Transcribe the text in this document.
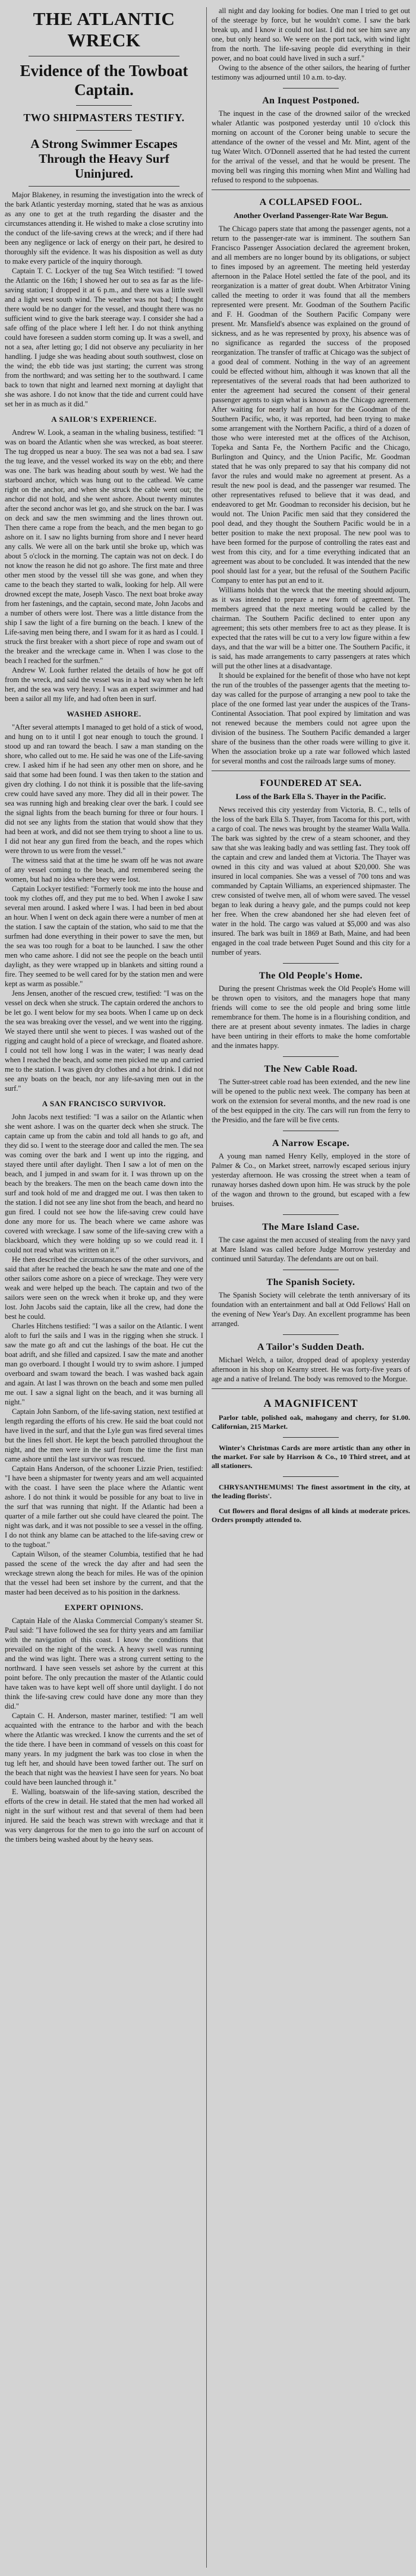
THE ATLANTIC WRECK
Evidence of the Towboat Captain.
TWO SHIPMASTERS TESTIFY.
A Strong Swimmer Escapes Through the Heavy Surf Uninjured.

Major Blakeney, in resuming the investigation into the wreck of the bark Atlantic yesterday morning, stated that he was as anxious as any one to get at the truth regarding the disaster and the circumstances attending it. He wished to make a close scrutiny into the conduct of the life-saving crews at the wreck; and if there had been any negligence or lack of energy on their part, he desired to thoroughly sift the evidence. It was his disposition as well as duty to make every particle of the inquiry thorough.

Captain T. C. Lockyer of the tug Sea Witch testified: "I towed the Atlantic on the 16th; I showed her out to sea as far as the life-saving station; I dropped it at 6 p.m., and there was a little swell and a light west south wind. The weather was not bad; I thought there would be no danger for the vessel, and thought there was no sufficient wind to give the bark steerage way. I consider she had a safe offing of the place where I left her. I do not think anything could have foreseen a sudden storm coming up. It was a swell, and not a sea, after letting go; I did not observe any peculiarity in her handling. I judge she was heading about south southwest, close on the wind; the ebb tide was just starting; the current was strong from the northward; and was setting her to the southward. I came back to town that night and learned next morning at daylight that she was ashore. I do not know that the tide and current could have set her in as much as it did."

A SAILOR'S EXPERIENCE.

Andrew W. Look, a seaman in the whaling business, testified: "I was on board the Atlantic when she was wrecked, as boat steerer. The tug dropped us near a buoy. The sea was not a bad sea. I saw the tug leave, and the vessel worked its way on the ebb; and there was one. The bark was heading about south by west. We had the starboard anchor, which was hung out to the cathead. We came right on the anchor, and when she struck the cable went out; the anchor did not hold, and she went ashore. About twenty minutes after the second anchor was let go, and she struck on the bar. I was on deck and saw the men swimming and the lines thrown out. Then there came a rope from the beach, and the men began to go ashore on it. I saw no lights burning from shore and I never heard any calls. We were all on the bark until she broke up, which was about 5 o'clock in the morning. The captain was not on deck. I do not know the reason he did not go ashore. The first mate and three other men stood by the vessel till she was gone, and when they came to the beach they started to walk, looking for help. All were drowned except the mate, Joseph Vasco. The next boat broke away from her fastenings, and the captain, second mate, John Jacobs and a number of others were lost. There was a little distance from the ship I saw the light of a fire burning on the beach. I knew of the Life-saving men being there, and I swam for it as hard as I could. I struck the first breaker with a short piece of rope and swam out of the breaker and the wreckage came in. When I was close to the beach I reached for the surfmen."

Andrew W. Look further related the details of how he got off from the wreck, and said the vessel was in a bad way when he left her, and the sea was very heavy. I was an expert swimmer and had been a sailor all my life, and had often been in surf.

WASHED ASHORE.

"After several attempts I managed to get hold of a stick of wood, and hung on to it until I got near enough to touch the ground. I stood up and ran toward the beach. I saw a man standing on the shore, who called out to me. He said he was one of the Life-saving crew. I asked him if he had seen any other men on shore, and he said that some had been found. I was then taken to the station and given dry clothing. I do not think it is possible that the life-saving crew could have saved any more. They did all in their power. The sea was running high and breaking clear over the bark. I could see the signal lights from the beach burning for three or four hours. I did not see any lights from the station that would show that they had been at work, and did not see them trying to shoot a line to us. I did not hear any gun fired from the beach, and the ropes which were thrown to us were from the vessel."

The witness said that at the time he swam off he was not aware of any vessel coming to the beach, and remembered seeing the women, but had no idea where they were lost.

Captain Lockyer testified: "Formerly took me into the house and took my clothes off, and they put me to bed. When I awoke I saw several men around. I asked where I was. I had been in bed about an hour. When I went on deck again there were a number of men at the station. I saw the captain of the station, who said to me that the surfmen had done everything in their power to save the men, but the sea was too rough for a boat to be launched. I saw the other men who came ashore. I did not see the people on the beach until daylight, as they were wrapped up in blankets and sitting round a fire. They seemed to be well cared for by the station men and were kept as warm as possible."

Jens Jensen, another of the rescued crew, testified: "I was on the vessel on deck when she struck. The captain ordered the anchors to be let go. I went below for my sea boots. When I came up on deck the sea was breaking over the vessel, and we went into the rigging. We stayed there until she went to pieces. I was washed out of the rigging and caught hold of a piece of wreckage, and floated ashore. I could not tell how long I was in the water; I was nearly dead when I reached the beach, and some men picked me up and carried me to the station. I was given dry clothes and a hot drink. I did not see any boats on the beach, nor any life-saving men out in the surf."

A SAN FRANCISCO SURVIVOR.

John Jacobs next testified: "I was a sailor on the Atlantic when she went ashore. I was on the quarter deck when she struck. The captain came up from the cabin and told all hands to go aft, and they did so. I went to the steerage door and called the men. The sea was coming over the bark and I went up into the rigging, and stayed there until after daylight. Then I saw a lot of men on the beach, and I jumped in and swam for it. I was thrown up on the beach by the breakers. The men on the beach came down into the surf and took hold of me and dragged me out. I was then taken to the station. I did not see any line shot from the beach, and heard no gun fired. I could not see how the life-saving crew could have done any more for us. The beach where we came ashore was covered with wreckage. I saw some of the life-saving crew with a blackboard, which they were holding up so we could read it. I could not read what was written on it."

He then described the circumstances of the other survivors, and said that after he reached the beach he saw the mate and one of the other sailors come ashore on a piece of wreckage. They were very weak and were helped up the beach. The captain and two of the sailors were seen on the wreck when it broke up, and they were lost. John Jacobs said the captain, like all the crew, had done the best he could.

Charles Hitchens testified: "I was a sailor on the Atlantic. I went aloft to furl the sails and I was in the rigging when she struck. I saw the mate go aft and cut the lashings of the boat. He cut the boat adrift, and she filled and capsized. I saw the mate and another man go overboard. I thought I would try to swim ashore. I jumped overboard and swam toward the beach. I was washed back again and again. At last I was thrown on the beach and some men pulled me out. I saw a signal light on the beach, and it was burning all night."

Captain John Sanborn, of the life-saving station, next testified at length regarding the efforts of his crew. He said the boat could not have lived in the surf, and that the Lyle gun was fired several times but the lines fell short. He kept the beach patrolled throughout the night, and the men were in the surf from the time the first man came ashore until the last survivor was rescued.

Captain Hans Anderson, of the schooner Lizzie Prien, testified: "I have been a shipmaster for twenty years and am well acquainted with the coast. I have seen the place where the Atlantic went ashore. I do not think it would be possible for any boat to live in the surf that was running that night. If the Atlantic had been a quarter of a mile farther out she could have cleared the point. The night was dark, and it was not possible to see a vessel in the offing. I do not think any blame can be attached to the life-saving crew or to the tugboat."

Captain Wilson, of the steamer Columbia, testified that he had passed the scene of the wreck the day after and had seen the wreckage strewn along the beach for miles. He was of the opinion that the vessel had been set inshore by the current, and that the master had been deceived as to his position in the darkness.

EXPERT OPINIONS.

Captain Hale of the Alaska Commercial Company's steamer St. Paul said: "I have followed the sea for thirty years and am familiar with the navigation of this coast. I know the conditions that prevailed on the night of the wreck. A heavy swell was running and the wind was light. There was a strong current setting to the northward. I have seen vessels set ashore by the current at this point before. The only precaution the master of the Atlantic could have taken was to have kept well off shore until daylight. I do not think the life-saving crew could have done any more than they did."

Captain C. H. Anderson, master mariner, testified: "I am well acquainted with the entrance to the harbor and with the beach where the Atlantic was wrecked. I know the currents and the set of the tide there. I have been in command of vessels on this coast for many years. In my judgment the bark was too close in when the tug left her, and should have been towed farther out. The surf on the beach that night was the heaviest I have seen for years. No boat could have been launched through it."

E. Walling, boatswain of the life-saving station, described the efforts of the crew in detail. He stated that the men had worked all night in the surf without rest and that several of them had been injured. He said the beach was strewn with wreckage and that it was very dangerous for the men to go into the surf on account of the timbers being washed about by the heavy seas.

all night and day looking for bodies. One man I tried to get out of the steerage by force, but he wouldn't come. I saw the bark break up, and I know it could not last. I did not see him save any one, but only heard so. We were on the port tack, with wind light from the north. The life-saving people did everything in their power, and no boat could have lived in such a surf."

Owing to the absence of the other sailors, the hearing of further testimony was adjourned until 10 a.m. to-day.

An Inquest Postponed.

The inquest in the case of the drowned sailor of the wrecked whaler Atlantic was postponed yesterday until 10 o'clock this morning on account of the Coroner being unable to secure the attendance of the owner of the vessel and Mr. Mint, agent of the tug Water Witch. O'Donnell asserted that he had tested the current for the arrival of the vessel, and that he would be present. The moving bell was ringing this morning when Mint and Walling had refused to respond to the subpoenas.

A COLLAPSED FOOL.
Another Overland Passenger-Rate War Begun.

The Chicago papers state that among the passenger agents, not a return to the passenger-rate war is imminent. The southern San Francisco Passenger Association declared the agreement broken, and all members are no longer bound by its obligations, or subject to fines imposed by an agreement. The meeting held yesterday afternoon in the Palace Hotel settled the fate of the pool, and its reorganization is a matter of great doubt. When Arbitrator Vining called the meeting to order it was found that all the members represented were present. Mr. Goodman of the Southern Pacific and F. H. Goodman of the Southern Pacific Company were present. Mr. Mansfield's absence was explained on the ground of sickness, and as he was represented by proxy, his absence was of no significance as regarded the success of the proposed reorganization. The transfer of traffic at Chicago was the subject of a good deal of comment. Nothing in the way of an agreement could be effected without him, although it was known that all the representatives of the several roads that had been authorized to enter the agreement had secured the consent of their general passenger agents to sign what is known as the Chicago agreement. After waiting for nearly half an hour for the Goodman of the Southern Pacific, who, it was reported, had been trying to make some arrangement with the Northern Pacific, a third of a dozen of those who were interested met at the offices of the Atchison, Topeka and Santa Fe, the Northern Pacific and the Chicago, Burlington and Quincy, and the Union Pacific, Mr. Goodman stated that he was only prepared to say that his company did not favor the rules and would make no agreement at present. As a result the new pool is dead, and the passenger war resumed. The other representatives refused to believe that it was dead, and endeavored to get Mr. Goodman to reconsider his decision, but he would not. The Union Pacific men said that they considered the pool dead, and they thought the Southern Pacific would be in a better position to make the next proposal. The new pool was to have been formed for the purpose of controlling the rates east and west from this city, and for a time everything indicated that an agreement was about to be concluded. It was intended that the new pool should last for a year, but the refusal of the Southern Pacific Company to enter has put an end to it.

Williams holds that the wreck that the meeting should adjourn, as it was intended to prepare a new form of agreement. The members agreed that the next meeting would be called by the chairman. The Southern Pacific declined to enter upon any agreement; this sets other members free to act as they please. It is expected that the rates will be cut to a very low figure within a few days, and that the war will be a bitter one. The Southern Pacific, it is said, has made arrangements to carry passengers at rates which will put the other lines at a disadvantage.

It should be explained for the benefit of those who have not kept the run of the troubles of the passenger agents that the meeting to-day was called for the purpose of arranging a new pool to take the place of the one formed last year under the auspices of the Trans-Continental Association. That pool expired by limitation and was not renewed because the members could not agree upon the division of the business. The Southern Pacific demanded a larger share of the business than the other roads were willing to give it. When the association broke up a rate war followed which lasted for several months and cost the railroads large sums of money.

FOUNDERED AT SEA.
Loss of the Bark Ella S. Thayer in the Pacific.

News received this city yesterday from Victoria, B. C., tells of the loss of the bark Ella S. Thayer, from Tacoma for this port, with a cargo of coal. The news was brought by the steamer Walla Walla. The bark was sighted by the crew of a steam schooner, and they saw that she was leaking badly and was settling fast. They took off the captain and crew and landed them at Victoria. The Thayer was owned in this city and was valued at about $20,000. She was insured in local companies. She was a vessel of 700 tons and was commanded by Captain Williams, an experienced shipmaster. The crew consisted of twelve men, all of whom were saved. The vessel began to leak during a heavy gale, and the pumps could not keep her free. When the crew abandoned her she had eleven feet of water in the hold. The cargo was valued at $5,000 and was also insured. The bark was built in 1869 at Bath, Maine, and had been engaged in the coal trade between Puget Sound and this city for a number of years.

The Old People's Home.

During the present Christmas week the Old People's Home will be thrown open to visitors, and the managers hope that many friends will come to see the old people and bring some little remembrance for them. The home is in a flourishing condition, and there are at present about seventy inmates. The ladies in charge have been untiring in their efforts to make the home comfortable and the inmates happy.

The New Cable Road.

The Sutter-street cable road has been extended, and the new line will be opened to the public next week. The company has been at work on the extension for several months, and the new road is one of the best equipped in the city. The cars will run from the ferry to the Presidio, and the fare will be five cents.

A Narrow Escape.

A young man named Henry Kelly, employed in the store of Palmer & Co., on Market street, narrowly escaped serious injury yesterday afternoon. He was crossing the street when a team of runaway horses dashed down upon him. He was struck by the pole of the wagon and thrown to the ground, but escaped with a few bruises.

The Mare Island Case.

The case against the men accused of stealing from the navy yard at Mare Island was called before Judge Morrow yesterday and continued until Saturday. The defendants are out on bail.

The Spanish Society.

The Spanish Society will celebrate the tenth anniversary of its foundation with an entertainment and ball at Odd Fellows' Hall on the evening of New Year's Day. An excellent programme has been arranged.

A Tailor's Sudden Death.

Michael Welch, a tailor, dropped dead of apoplexy yesterday afternoon in his shop on Kearny street. He was forty-five years of age and a native of Ireland. The body was removed to the Morgue.

A MAGNIFICENT

Parlor table, polished oak, mahogany and cherry, for $1.00. Californian, 215 Market.

Winter's Christmas Cards are more artistic than any other in the market. For sale by Harrison & Co., 10 Third street, and at all stationers.

CHRYSANTHEMUMS! The finest assortment in the city, at the leading florists'.

Cut flowers and floral designs of all kinds at moderate prices. Orders promptly attended to.
